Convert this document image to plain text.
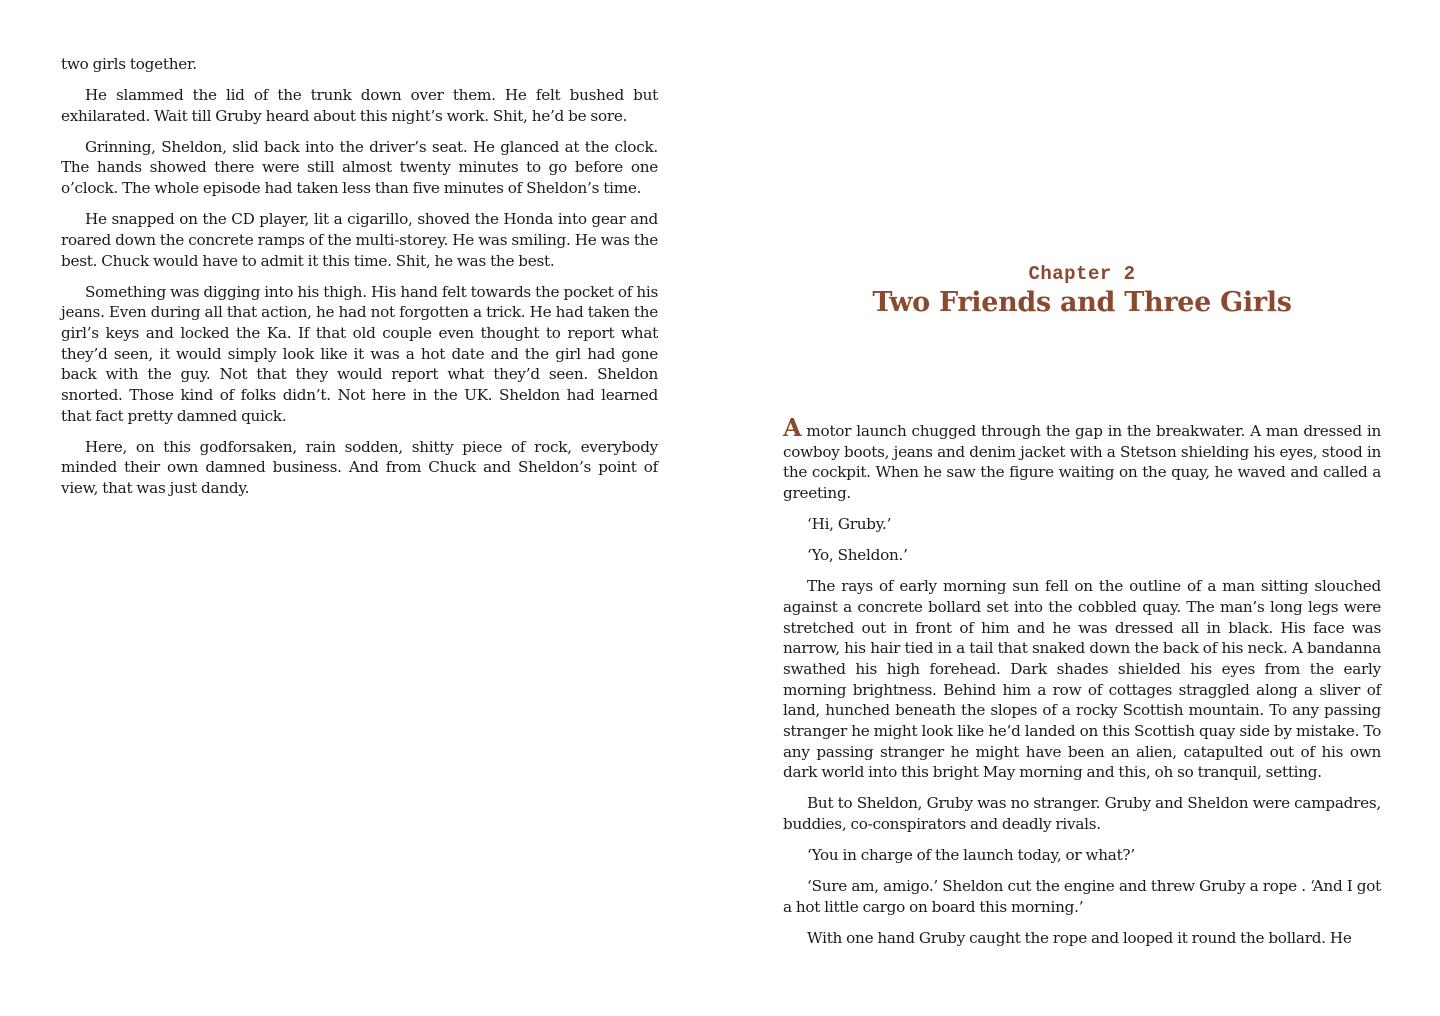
two girls together.

He slammed the lid of the trunk down over them. He felt bushed but exhilarated. Wait till Gruby heard about this night’s work. Shit, he’d be sore.

Grinning, Sheldon, slid back into the driver’s seat. He glanced at the clock. The hands showed there were still almost twenty minutes to go before one o’clock. The whole episode had taken less than five minutes of Sheldon’s time.

He snapped on the CD player, lit a cigarillo, shoved the Honda into gear and roared down the concrete ramps of the multi-storey. He was smiling. He was the best. Chuck would have to admit it this time. Shit, he was the best.

Something was digging into his thigh. His hand felt towards the pocket of his jeans. Even during all that action, he had not forgotten a trick. He had taken the girl’s keys and locked the Ka. If that old couple even thought to report what they’d seen, it would simply look like it was a hot date and the girl had gone back with the guy. Not that they would report what they’d seen. Sheldon snorted. Those kind of folks didn’t. Not here in the UK. Sheldon had learned that fact pretty damned quick.

Here, on this godforsaken, rain sodden, shitty piece of rock, everybody minded their own damned business. And from Chuck and Sheldon’s point of view, that was just dandy.

Chapter 2
Two Friends and Three Girls

A motor launch chugged through the gap in the breakwater. A man dressed in cowboy boots, jeans and denim jacket with a Stetson shielding his eyes, stood in the cockpit. When he saw the figure waiting on the quay, he waved and called a greeting.

‘Hi, Gruby.’

‘Yo, Sheldon.’

The rays of early morning sun fell on the outline of a man sitting slouched against a concrete bollard set into the cobbled quay. The man’s long legs were stretched out in front of him and he was dressed all in black. His face was narrow, his hair tied in a tail that snaked down the back of his neck. A bandanna swathed his high forehead. Dark shades shielded his eyes from the early morning brightness. Behind him a row of cottages straggled along a sliver of land, hunched beneath the slopes of a rocky Scottish mountain. To any passing stranger he might look like he’d landed on this Scottish quay side by mistake. To any passing stranger he might have been an alien, catapulted out of his own dark world into this bright May morning and this, oh so tranquil, setting.

But to Sheldon, Gruby was no stranger. Gruby and Sheldon were campadres, buddies, co-conspirators and deadly rivals.

‘You in charge of the launch today, or what?’

‘Sure am, amigo.’ Sheldon cut the engine and threw Gruby a rope . ‘And I got a hot little cargo on board this morning.’

With one hand Gruby caught the rope and looped it round the bollard. He
